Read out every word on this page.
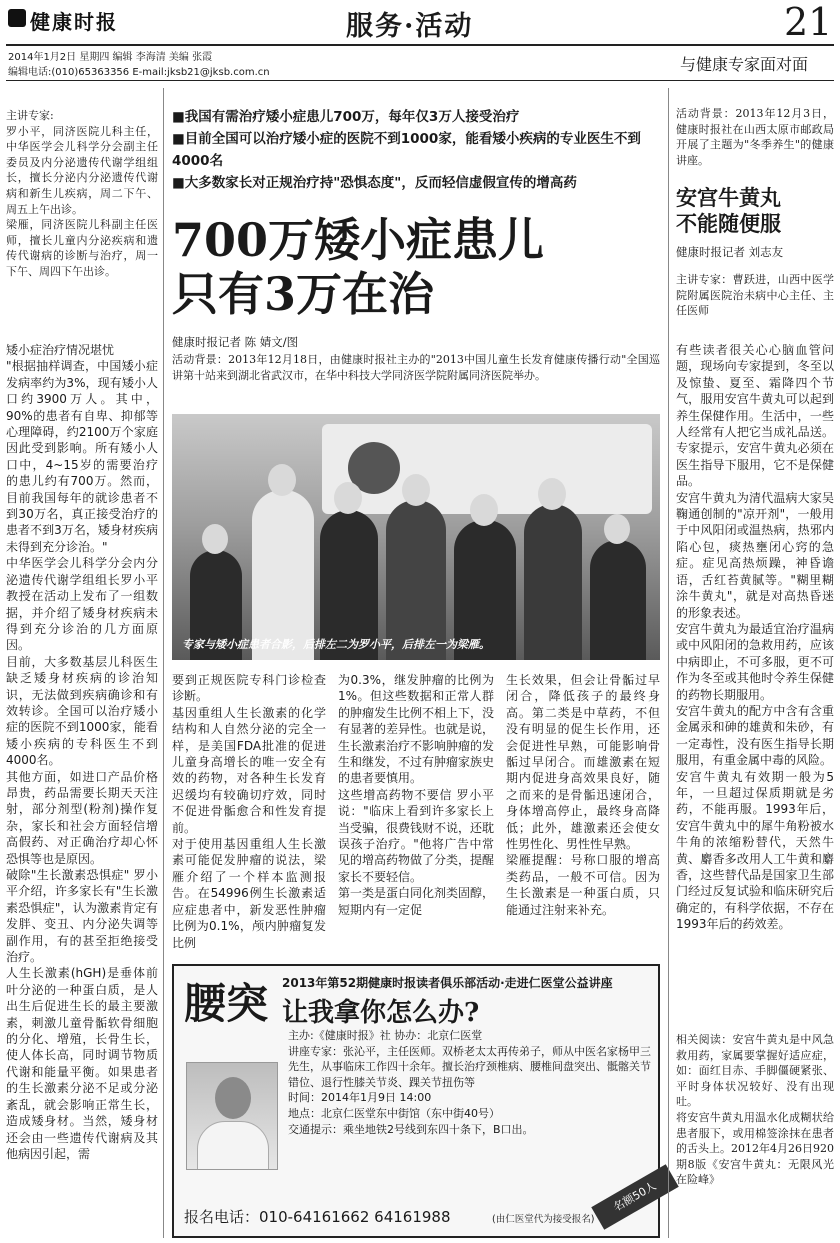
健康时报	服务·活动	21
2014年1月2日 星期四 编辑 李海清 美编 张霞
编辑电话:(010)65363356 E-mail:jksb21@jksb.com.cn	与健康专家面对面
主讲专家:
罗小平，同济医院儿科主任，中华医学会儿科学分会副主任委员及内分泌遗传代谢学组组长，擅长分泌内分泌遗传代谢病和新生儿疾病，周二下午、周五上午出诊。
梁雁，同济医院儿科副主任医师，擅长儿童内分泌疾病和遗传代谢病的诊断与治疗，周一下午、周四下午出诊。
矮小症治疗情况堪忧
"根据抽样调查，中国矮小症发病率约为3%，现有矮小人口约3900万人。其中，90%的患者有自卑、抑郁等心理障碍，约2100万个家庭因此受到影响。所有矮小人口中，4~15岁的需要治疗的患儿约有700万。然而，目前我国每年的就诊患者不到30万名，真正接受治疗的患者不到3万名，矮身材疾病未得到充分诊治。"
中华医学会儿科学分会内分泌遗传代谢学组组长罗小平教授在活动上发布了一组数据，并介绍了矮身材疾病未得到充分诊治的几方面原因。
目前，大多数基层儿科医生缺乏矮身材疾病的诊治知识，无法做到疾病确诊和有效转诊。全国可以治疗矮小症的医院不到1000家，能看矮小疾病的专科医生不到4000名。
其他方面，如进口产品价格昂贵，药品需要长期天天注射，部分剂型(粉剂)操作复杂，家长和社会方面轻信增高假药、对正确治疗却心怀恐惧等也是原因。
破除"生长激素恐惧症" 罗小平介绍，许多家长有"生长激素恐惧症"，认为激素肯定有发胖、变丑、内分泌失调等副作用，有的甚至拒绝接受治疗。
人生长激素(hGH)是垂体前叶分泌的一种蛋白质，是人出生后促进生长的最主要激素，刺激儿童骨骺软骨细胞的分化、增殖，长骨生长，使人体长高，同时调节物质代谢和能量平衡。如果患者的生长激素分泌不足或分泌紊乱，就会影响正常生长，造成矮身材。当然，矮身材还会由一些遗传代谢病及其他病因引起，需
■我国有需治疗矮小症患儿700万，每年仅3万人接受治疗
■目前全国可以治疗矮小症的医院不到1000家，能看矮小疾病的专业医生不到4000名
■大多数家长对正规治疗持"恐惧态度"，反而轻信虚假宣传的增高药
700万矮小症患儿
只有3万在治
健康时报记者 陈 婧文/图
活动背景：2013年12月18日，由健康时报社主办的"2013中国儿童生长发育健康传播行动"全国巡讲第十站来到湖北省武汉市，在华中科技大学同济医学院附属同济医院举办。
专家与矮小症患者合影，后排左二为罗小平，后排左一为梁雁。
要到正规医院专科门诊检查诊断。
基因重组人生长激素的化学结构和人自然分泌的完全一样，是美国FDA批准的促进儿童身高增长的唯一安全有效的药物，对各种生长发育迟缓均有较确切疗效，同时不促进骨骺愈合和性发育提前。
对于使用基因重组人生长激素可能促发肿瘤的说法，梁雁介绍了一个样本监测报告。在54996例生长激素适应症患者中，新发恶性肿瘤比例为0.1%，颅内肿瘤复发比例
为0.3%，继发肿瘤的比例为1%。但这些数据和正常人群的肿瘤发生比例不相上下，没有显著的差异性。也就是说，生长激素治疗不影响肿瘤的发生和继发，不过有肿瘤家族史的患者要慎用。
这些增高药物不要信 罗小平说："临床上看到许多家长上当受骗，很费钱财不说，还耽误孩子治疗。"他将广告中常见的增高药物做了分类，提醒家长不要轻信。
第一类是蛋白同化剂类固醇，短期内有一定促
生长效果，但会让骨骺过早闭合，降低孩子的最终身高。第二类是中草药，不但没有明显的促生长作用，还会促进性早熟，可能影响骨骺过早闭合。而雄激素在短期内促进身高效果良好，随之而来的是骨骺迅速闭合，身体增高停止，最终身高降低；此外，雄激素还会使女性男性化、男性性早熟。
梁雁提醒：号称口服的增高类药品，一般不可信。因为生长激素是一种蛋白质，只能通过注射来补充。
腰突 2013年第52期健康时报读者俱乐部活动·走进仁医堂公益讲座
让我拿你怎么办?
主办:《健康时报》社 协办：北京仁医堂
讲座专家：张沁平，主任医师。双桥老太太再传弟子，师从中医名家杨甲三先生，从事临床工作四十余年。擅长治疗颈椎病、腰椎间盘突出、骶髂关节错位、退行性膝关节炎、踝关节扭伤等
时间：2014年1月9日 14:00
地点：北京仁医堂东中街馆（东中街40号）
交通提示：乘坐地铁2号线到东四十条下，B口出。
报名电话：010-64161662 64161988	(由仁医堂代为接受报名)
名额50人
活动背景：2013年12月3日，健康时报社在山西太原市邮政局开展了主题为"冬季养生"的健康讲座。
安宫牛黄丸
不能随便服
健康时报记者 刘志友
主讲专家：曹跃进，山西中医学院附属医院治未病中心主任、主任医师
有些读者很关心心脑血管问题，现场向专家提到，冬至以及惊蛰、夏至、霜降四个节气，服用安宫牛黄丸可以起到养生保健作用。生活中，一些人经常有人把它当成礼品送。专家提示，安宫牛黄丸必须在医生指导下服用，它不是保健品。
安宫牛黄丸为清代温病大家吴鞠通创制的"凉开剂"，一般用于中风阳闭或温热病，热邪内陷心包，痰热壅闭心窍的急症。症见高热烦躁，神昏谵语，舌红苔黄腻等。"糊里糊涂牛黄丸"，就是对高热昏迷的形象表述。
安宫牛黄丸为最适宜治疗温病或中风阳闭的急救用药，应该中病即止，不可多服，更不可作为冬至或其他时令养生保健的药物长期服用。
安宫牛黄丸的配方中含有含重金属汞和砷的雄黄和朱砂，有一定毒性，没有医生指导长期服用，有重金属中毒的风险。
安宫牛黄丸有效期一般为5年，一旦超过保质期就是劣药，不能再服。1993年后，安宫牛黄丸中的犀牛角粉被水牛角的浓缩粉替代，天然牛黄、麝香多改用人工牛黄和麝香，这些替代品是国家卫生部门经过反复试验和临床研究后确定的，有科学依据，不存在1993年后的药效差。
相关阅读：安宫牛黄丸是中风急救用药，家属要掌握好适应症，如：面红目赤、手脚僵硬紧张、平时身体状况较好、没有出现吐。
将安宫牛黄丸用温水化成糊状给患者服下，或用棉签涂抹在患者的舌头上。2012年4月26日920期8版《安宫牛黄丸：无限风光在险峰》
